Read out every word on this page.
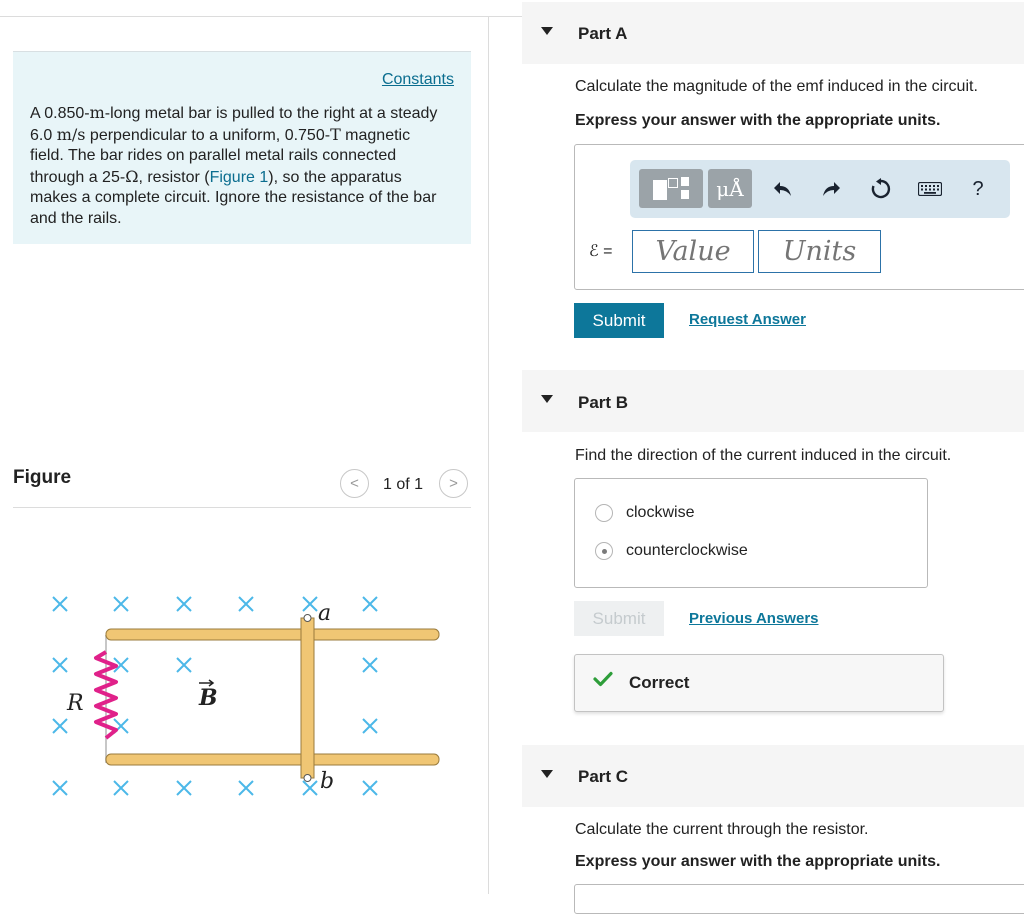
Constants
A 0.850-m-long metal bar is pulled to the right at a steady 6.0 m/s perpendicular to a uniform, 0.750-T magnetic field. The bar rides on parallel metal rails connected through a 25-Ω, resistor (Figure 1), so the apparatus makes a complete circuit. Ignore the resistance of the bar and the rails.
Figure	< 1 of 1 >
a
b
R	B
Part A
Calculate the magnitude of the emf induced in the circuit.
Express your answer with the appropriate units.
μÅ	?
ℰ =
Value
Units
Submit	Request Answer
Part B
Find the direction of the current induced in the circuit.
clockwise
counterclockwise
Submit	Previous Answers
Correct
Part C
Calculate the current through the resistor.
Express your answer with the appropriate units.
